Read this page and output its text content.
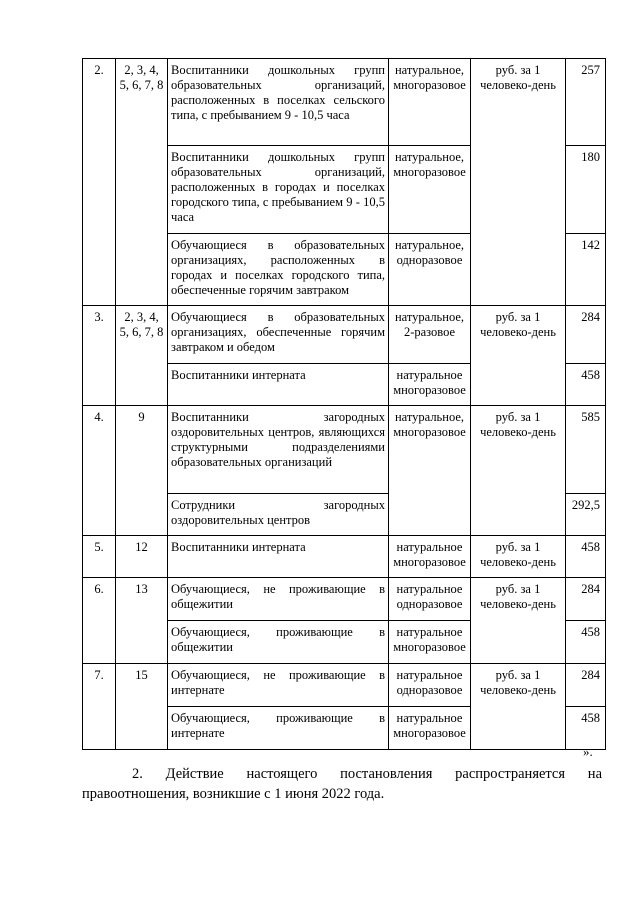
2.	2, 3, 4, 5, 6, 7, 8	Воспитанники дошкольных групп образовательных организаций, расположенных в поселках сельского типа, с пребыванием 9 - 10,5 часа	натуральное, многоразовое	руб. за 1 человеко-день	257

		Воспитанники дошкольных групп образовательных организаций, расположенных в городах и поселках городского типа, с пребыванием 9 - 10,5 часа	натуральное, многоразовое		180

		Обучающиеся в образовательных организациях, расположенных в городах и поселках городского типа, обеспеченные горячим завтраком	натуральное, одноразовое		142

3.	2, 3, 4, 5, 6, 7, 8	Обучающиеся в образовательных организациях, обеспеченные горячим завтраком и обедом	натуральное, 2-разовое	руб. за 1 человеко-день	284

		Воспитанники интерната	натуральное многоразовое		458

4.	9	Воспитанники загородных оздоровительных центров, являющихся структурными подразделениями образовательных организаций	натуральное, многоразовое	руб. за 1 человеко-день	585

		Сотрудники загородных оздоровительных центров			292,5

5.	12	Воспитанники интерната	натуральное многоразовое	руб. за 1 человеко-день	458

6.	13	Обучающиеся, не проживающие в общежитии	натуральное одноразовое	руб. за 1 человеко-день	284

		Обучающиеся, проживающие в общежитии	натуральное многоразовое		458

7.	15	Обучающиеся, не проживающие в интернате	натуральное одноразовое	руб. за 1 человеко-день	284

		Обучающиеся, проживающие в интернате	натуральное многоразовое		458
».
2. Действие настоящего постановления распространяется на правоотношения, возникшие с 1 июня 2022 года.
